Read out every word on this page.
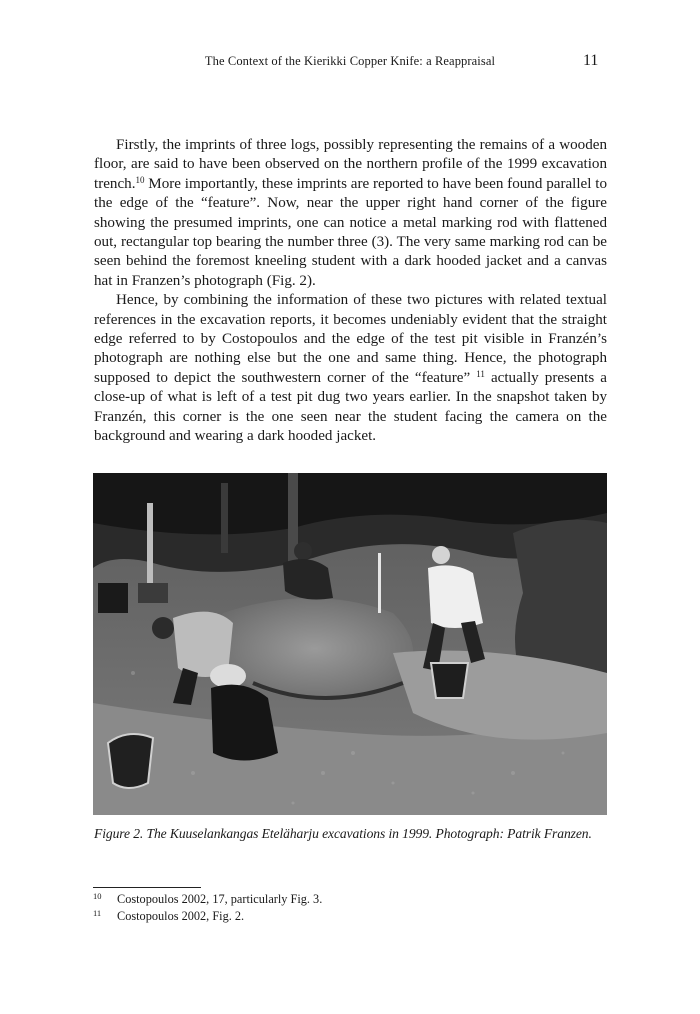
The Context of the Kierikki Copper Knife: a Reappraisal	11

Firstly, the imprints of three logs, possibly representing the remains of a wooden floor, are said to have been observed on the northern profile of the 1999 excavation trench.$^{10}$ More importantly, these imprints are reported to have been found parallel to the edge of the “feature”. Now, near the upper right hand corner of the figure showing the presumed imprints, one can notice a metal marking rod with flattened out, rectangular top bearing the number three (3). The very same marking rod can be seen behind the foremost kneeling student with a dark hooded jacket and a canvas hat in Franzen’s photograph (Fig. 2).

Hence, by combining the information of these two pictures with related textual references in the excavation reports, it becomes undeniably evident that the straight edge referred to by Costopoulos and the edge of the test pit visible in Franzén’s photograph are nothing else but the one and same thing. Hence, the photograph supposed to depict the southwestern corner of the “feature” $^{11}$ actually presents a close-up of what is left of a test pit dug two years earlier. In the snapshot taken by Franzén, this corner is the one seen near the student facing the camera on the background and wearing a dark hooded jacket.

Figure 2. The Kuuselankangas Eteläharju excavations in 1999. Photograph: Patrik Franzen.
10 Costopoulos 2002, 17, particularly Fig. 3.
11 Costopoulos 2002, Fig. 2.
